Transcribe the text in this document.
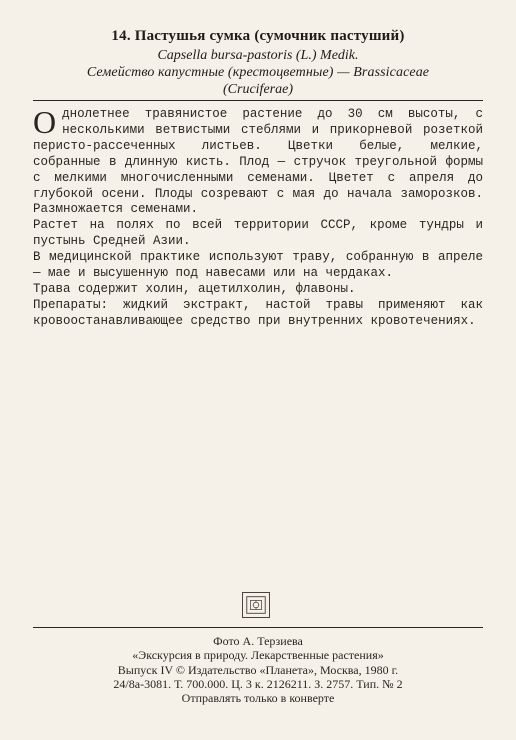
14. Пастушья сумка (сумочник пастуший)
Capsella bursa-pastoris (L.) Medik.
Семейство капустные (крестоцветные) — Brassicaceae
(Cruciferae)

Однолетнее травянистое растение до 30 см высоты, с несколькими ветвистыми стеблями и прикорневой розеткой перисто-рассеченных листьев. Цветки белые, мелкие, собранные в длинную кисть. Плод — стручок треугольной формы с мелкими многочисленными семенами. Цветет с апреля до глубокой осени. Плоды созревают с мая до начала заморозков. Размножается семенами.

Растет на полях по всей территории СССР, кроме тундры и пустынь Средней Азии.

В медицинской практике используют траву, собранную в апреле — мае и высушенную под навесами или на чердаках.

Трава содержит холин, ацетилхолин, флавоны.

Препараты: жидкий экстракт, настой травы применяют как кровоостанавливающее средство при внутренних кровотечениях.

Фото А. Терзиева
«Экскурсия в природу. Лекарственные растения»
Выпуск IV © Издательство «Планета», Москва, 1980 г.
24/8а-3081. Т. 700.000. Ц. 3 к. 2126211. З. 2757. Тип. № 2
Отправлять только в конверте
